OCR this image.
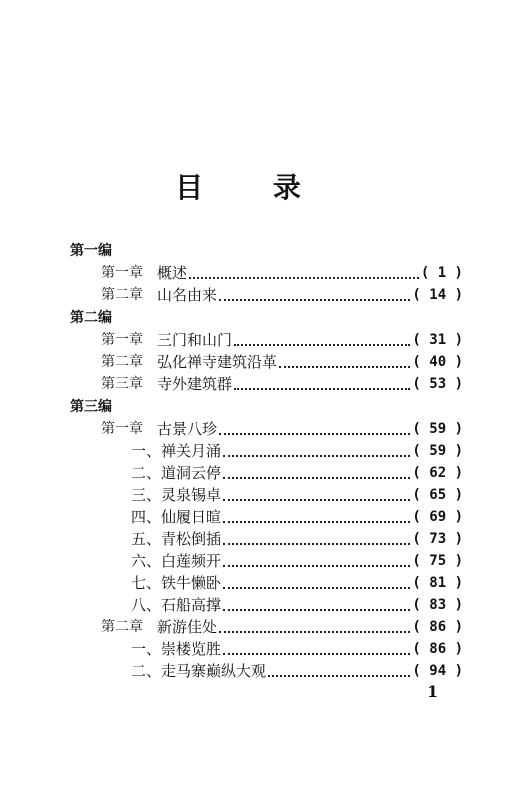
目 录
第一编
第一章 概述	( 1 )
第二章 山名由来	( 14 )
第二编
第一章 三门和山门	( 31 )
第二章 弘化禅寺建筑沿革	( 40 )
第三章 寺外建筑群	( 53 )
第三编
第一章 古景八珍	( 59 )
一、禅关月涌	( 59 )
二、道洞云停	( 62 )
三、灵泉锡卓	( 65 )
四、仙履日暄	( 69 )
五、青松倒插	( 73 )
六、白莲频开	( 75 )
七、铁牛懒卧	( 81 )
八、石船高撑	( 83 )
第二章 新游佳处	( 86 )
一、崇楼览胜	( 86 )
二、走马寨巅纵大观	( 94 )
1
